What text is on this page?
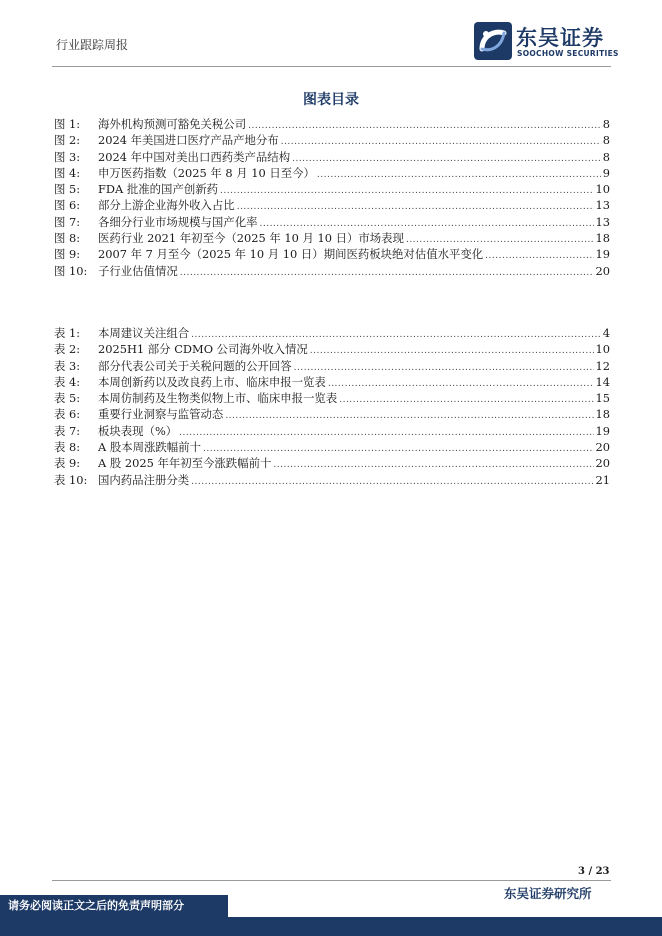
行业跟踪周报	东吴证券
SOOCHOW SECURITIES
图表目录
图 1:	海外机构预测可豁免关税公司 .....	8
图 2:	2024 年美国进口医疗产品产地分布 .....	8
图 3:	2024 年中国对美出口西药类产品结构 .....	8
图 4:	申万医药指数（2025 年 8 月 10 日至今） .....	9
图 5:	FDA 批准的国产创新药 .....	10
图 6:	部分上游企业海外收入占比 .....	13
图 7:	各细分行业市场规模与国产化率 .....	13
图 8:	医药行业 2021 年初至今（2025 年 10 月 10 日）市场表现 .....	18
图 9:	2007 年 7 月至今（2025 年 10 月 10 日）期间医药板块绝对估值水平变化 .....	19
图 10: 子行业估值情况 .....	20
表 1:	本周建议关注组合 .....	4
表 2:	2025H1 部分 CDMO 公司海外收入情况 .....	10
表 3:	部分代表公司关于关税问题的公开回答 .....	12
表 4:	本周创新药以及改良药上市、临床申报一览表 .....	14
表 5:	本周仿制药及生物类似物上市、临床申报一览表 .....	15
表 6:	重要行业洞察与监管动态 .....	18
表 7:	板块表现（%） .....	19
表 8:	A 股本周涨跌幅前十 .....	20
表 9:	A 股 2025 年年初至今涨跌幅前十 .....	20
表 10: 国内药品注册分类 .....	21
3 / 23
东吴证券研究所
请务必阅读正文之后的免责声明部分
